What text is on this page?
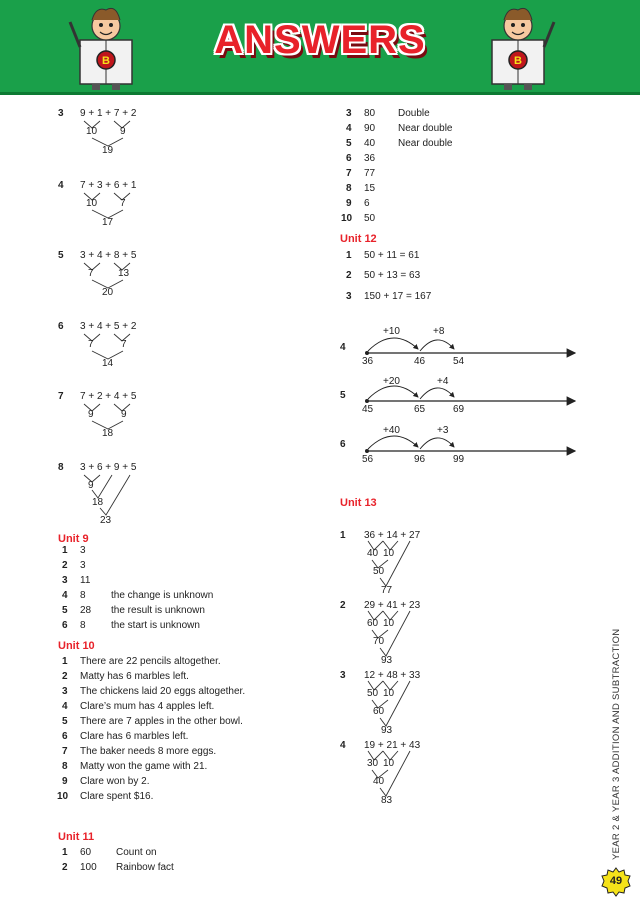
B	B
ANSWERS
3 9 + 1 + 7 + 2
10 9
19
4 7 + 3 + 6 + 1
10 7
17
5 3 + 4 + 8 + 5
7 13
20
6 3 + 4 + 5 + 2
7	7
14
7 7 + 2 + 4 + 5
9	9
18
8 3 + 6 + 9 + 5
9
18
23
Unit 9
1 3
2 3
3 11
4 8	the change is unknown
5 28 the result is unknown
6 8	the start is unknown
Unit 10
1 There are 22 pencils altogether.
2 Matty has 6 marbles left.
3 The chickens laid 20 eggs altogether.
4 Clare’s mum has 4 apples left.
5 There are 7 apples in the other bowl.
6 Clare has 6 marbles left.
7 The baker needs 8 more eggs.
8 Matty won the game with 21.
9 Clare won by 2.
10 Clare spent $16.
Unit 11
1 60 Count on
2 100 Rainbow fact
3 80 Double
4 90 Near double
5 40 Near double
6 36
7 77
8 15
9 6
10 50
Unit 12
1 50 + 11 = 61
2 50 + 13 = 63
3 150 + 17 = 167
4
+10	+8
36	46	54
5
+20	+4
45	65	69
6
+40	+3
56	96	99
Unit 13
1 36 + 14 + 27
40 10
50
77
2 29 + 41 + 23
60 10
70
93
3 12 + 48 + 33
50 10
60
93
4 19 + 21 + 43
30 10
40
83	YEAR 2 & YEAR 3 ADDITION AND SUBTRACTION
49
